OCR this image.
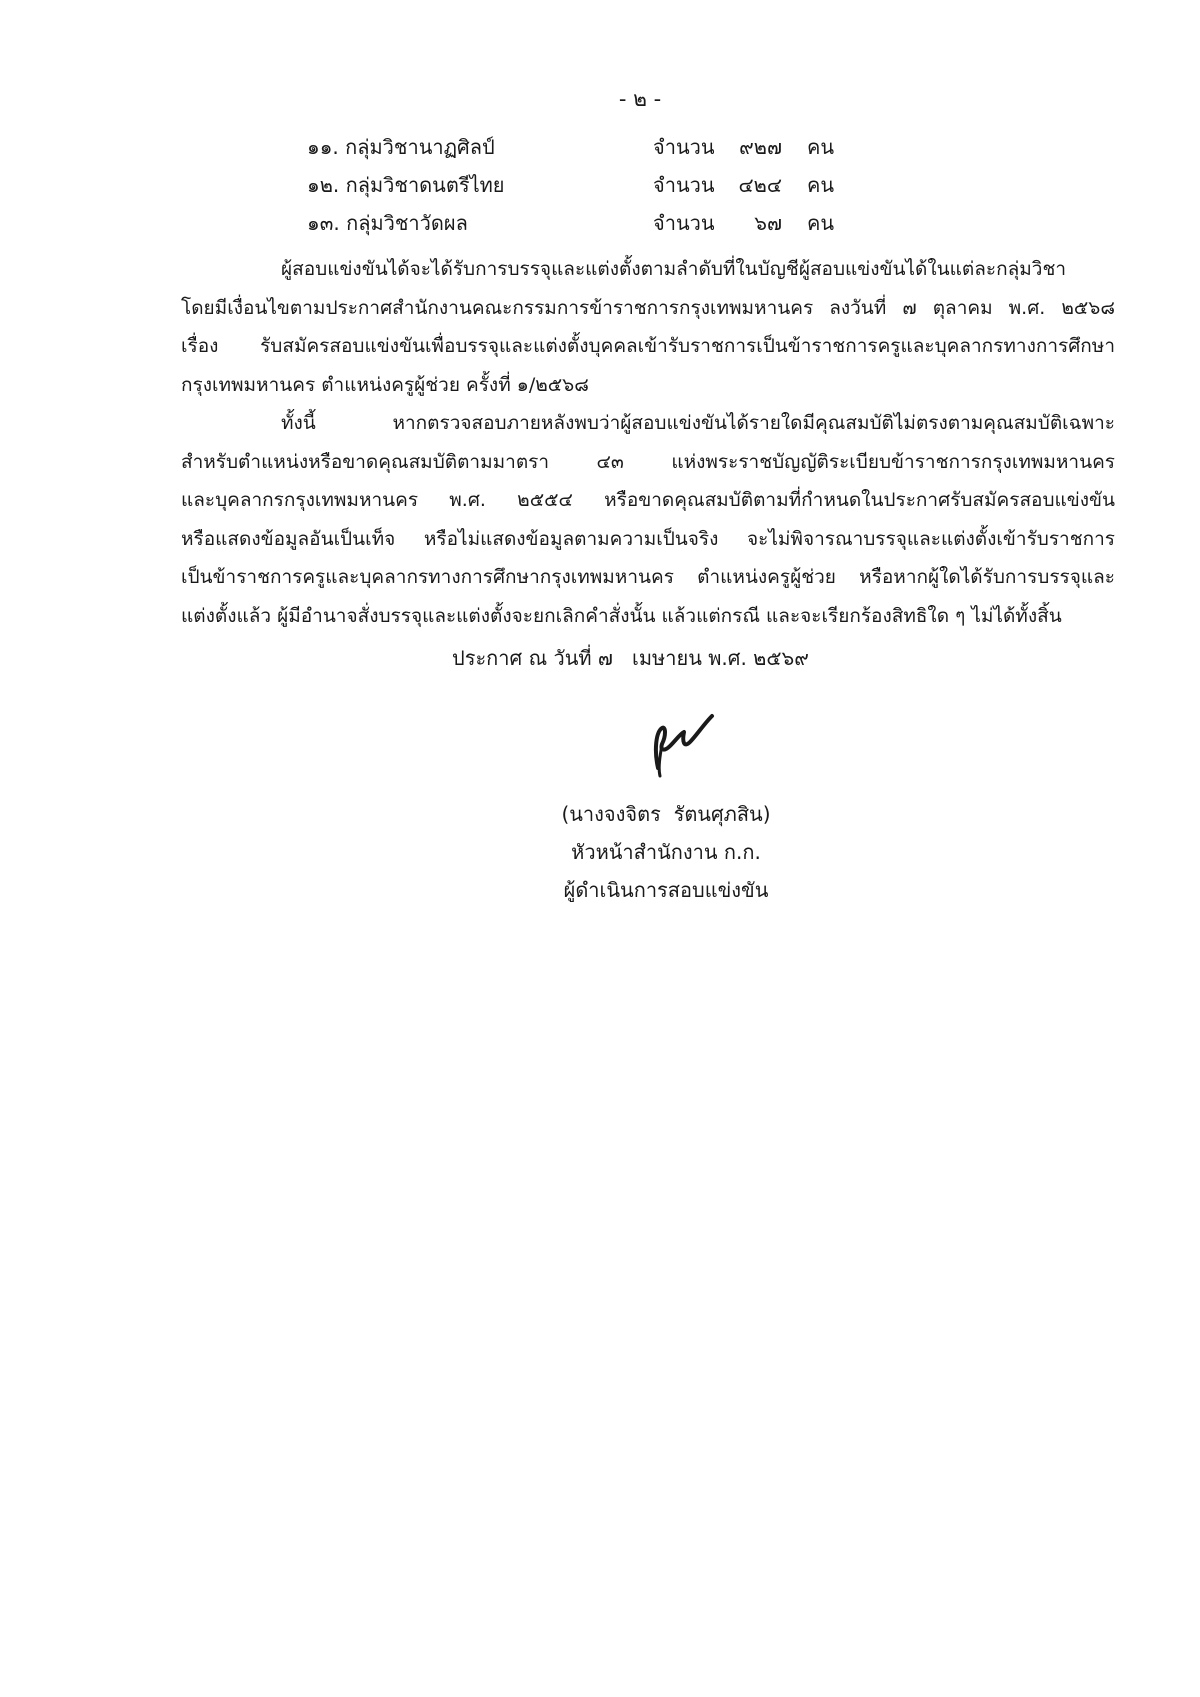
- ๒ -
๑๑. กลุ่มวิชานาฏศิลป์	จำนวน ๙๒๗ คน
๑๒. กลุ่มวิชาดนตรีไทย	จำนวน ๔๒๔ คน
๑๓. กลุ่มวิชาวัดผล	จำนวน ๖๗ คน

ผู้สอบแข่งขันได้จะได้รับการบรรจุและแต่งตั้งตามลำดับที่ในบัญชีผู้สอบแข่งขันได้ในแต่ละกลุ่มวิชา
โดยมีเงื่อนไขตามประกาศสำนักงานคณะกรรมการข้าราชการกรุงเทพมหานคร ลงวันที่ ๗ ตุลาคม พ.ศ. ๒๕๖๘
เรื่อง รับสมัครสอบแข่งขันเพื่อบรรจุและแต่งตั้งบุคคลเข้ารับราชการเป็นข้าราชการครูและบุคลากรทางการศึกษา
กรุงเทพมหานคร ตำแหน่งครูผู้ช่วย ครั้งที่ ๑/๒๕๖๘

ทั้งนี้ หากตรวจสอบภายหลังพบว่าผู้สอบแข่งขันได้รายใดมีคุณสมบัติไม่ตรงตามคุณสมบัติเฉพาะ
สำหรับตำแหน่งหรือขาดคุณสมบัติตามมาตรา ๔๓ แห่งพระราชบัญญัติระเบียบข้าราชการกรุงเทพมหานคร
และบุคลากรกรุงเทพมหานคร พ.ศ. ๒๕๕๔ หรือขาดคุณสมบัติตามที่กำหนดในประกาศรับสมัครสอบแข่งขัน
หรือแสดงข้อมูลอันเป็นเท็จ หรือไม่แสดงข้อมูลตามความเป็นจริง จะไม่พิจารณาบรรจุและแต่งตั้งเข้ารับราชการ
เป็นข้าราชการครูและบุคลากรทางการศึกษากรุงเทพมหานคร ตำแหน่งครูผู้ช่วย หรือหากผู้ใดได้รับการบรรจุและ
แต่งตั้งแล้ว ผู้มีอำนาจสั่งบรรจุและแต่งตั้งจะยกเลิกคำสั่งนั้น แล้วแต่กรณี และจะเรียกร้องสิทธิใด ๆ ไม่ได้ทั้งสิ้น

ประกาศ ณ วันที่ ๗   เมษายน พ.ศ. ๒๕๖๙
(นางจงจิตร  รัตนศุภสิน)
หัวหน้าสำนักงาน ก.ก.
ผู้ดำเนินการสอบแข่งขัน
